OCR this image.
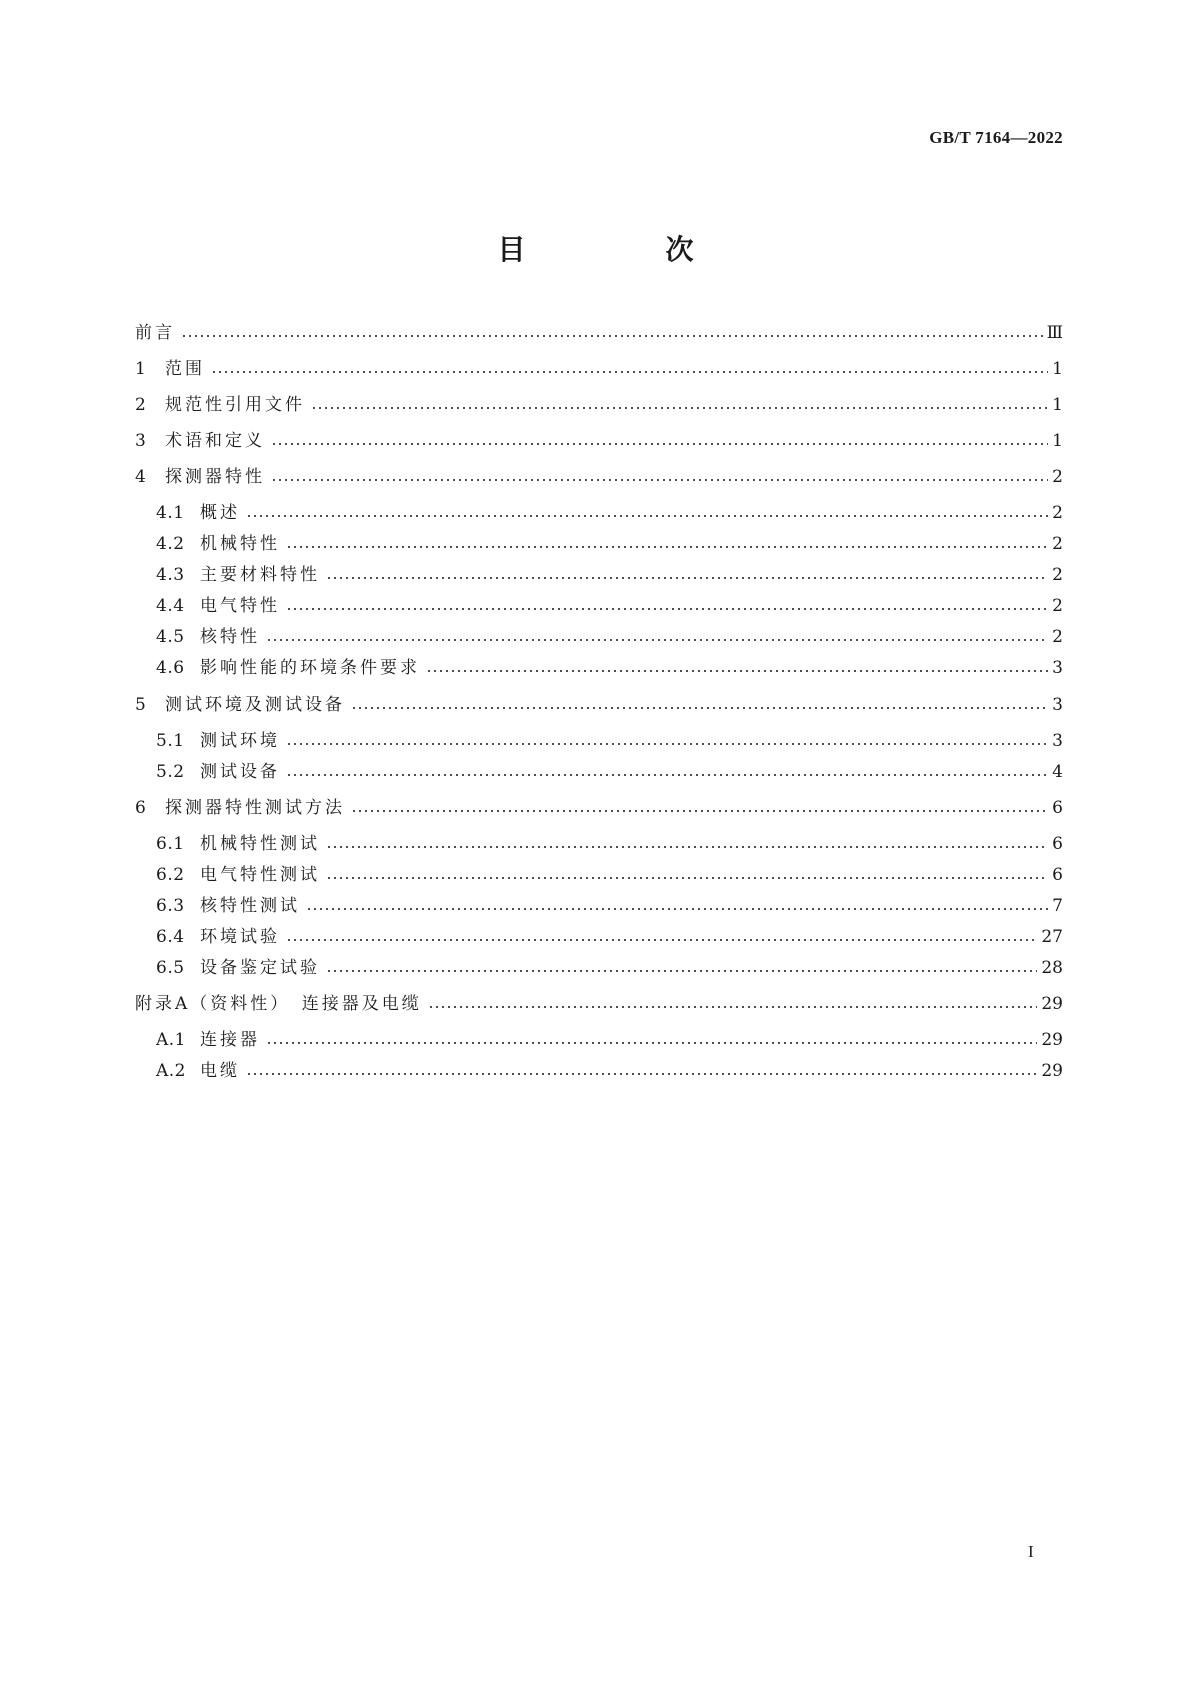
GB/T 7164—2022
目　次
前言	Ⅲ
1	范围	1
2	规范性引用文件	1
3	术语和定义	1
4	探测器特性	2
4.1 概述	2
4.2 机械特性	2
4.3 主要材料特性	2
4.4 电气特性	2
4.5 核特性	2
4.6 影响性能的环境条件要求	3
5	测试环境及测试设备	3
5.1 测试环境	3
5.2 测试设备	4
6	探测器特性测试方法	6
6.1 机械特性测试	6
6.2 电气特性测试	6
6.3 核特性测试	7
6.4 环境试验	27
6.5 设备鉴定试验	28
附录A（资料性）　连接器及电缆	29
A.1 连接器	29
A.2 电缆	29
I
